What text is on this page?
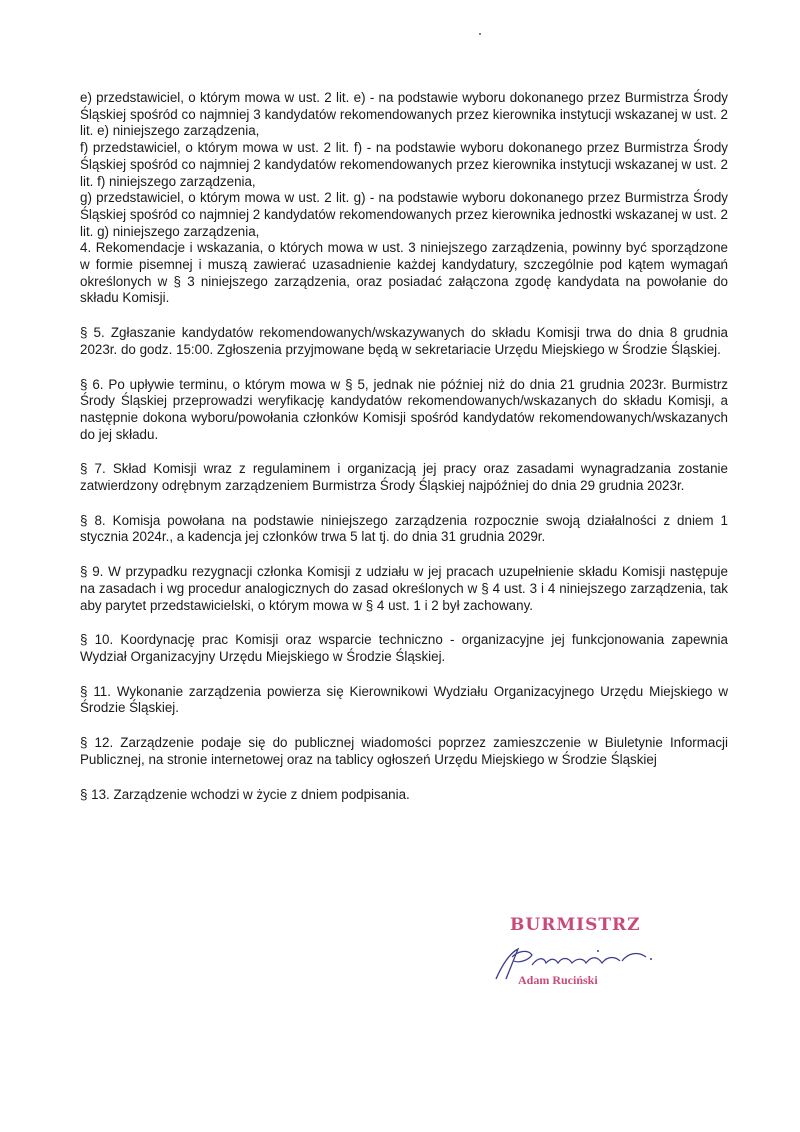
e) przedstawiciel, o którym mowa w ust. 2 lit. e) - na podstawie wyboru dokonanego przez Burmistrza Środy Śląskiej spośród co najmniej 3 kandydatów rekomendowanych przez kierownika instytucji wskazanej w ust. 2 lit. e) niniejszego zarządzenia,

f) przedstawiciel, o którym mowa w ust. 2 lit. f) - na podstawie wyboru dokonanego przez Burmistrza Środy Śląskiej spośród co najmniej 2 kandydatów rekomendowanych przez kierownika instytucji wskazanej w ust. 2 lit. f) niniejszego zarządzenia,

g) przedstawiciel, o którym mowa w ust. 2 lit. g) - na podstawie wyboru dokonanego przez Burmistrza Środy Śląskiej spośród co najmniej 2 kandydatów rekomendowanych przez kierownika jednostki wskazanej w ust. 2 lit. g) niniejszego zarządzenia,

4. Rekomendacje i wskazania, o których mowa w ust. 3 niniejszego zarządzenia, powinny być sporządzone w formie pisemnej i muszą zawierać uzasadnienie każdej kandydatury, szczególnie pod kątem wymagań określonych w § 3 niniejszego zarządzenia, oraz posiadać załączona zgodę kandydata na powołanie do składu Komisji.

§ 5. Zgłaszanie kandydatów rekomendowanych/wskazywanych do składu Komisji trwa do dnia 8 grudnia 2023r. do godz. 15:00. Zgłoszenia przyjmowane będą w sekretariacie Urzędu Miejskiego w Środzie Śląskiej.

§ 6. Po upływie terminu, o którym mowa w § 5, jednak nie później niż do dnia 21 grudnia 2023r. Burmistrz Środy Śląskiej przeprowadzi weryfikację kandydatów rekomendowanych/wskazanych do składu Komisji, a następnie dokona wyboru/powołania członków Komisji spośród kandydatów rekomendowanych/wskazanych do jej składu.

§ 7. Skład Komisji wraz z regulaminem i organizacją jej pracy oraz zasadami wynagradzania zostanie zatwierdzony odrębnym zarządzeniem Burmistrza Środy Śląskiej najpóźniej do dnia 29 grudnia 2023r.

§ 8. Komisja powołana na podstawie niniejszego zarządzenia rozpocznie swoją działalności z dniem 1 stycznia 2024r., a kadencja jej członków trwa 5 lat tj. do dnia 31 grudnia 2029r.

§ 9. W przypadku rezygnacji członka Komisji z udziału w jej pracach uzupełnienie składu Komisji następuje na zasadach i wg procedur analogicznych do zasad określonych w § 4 ust. 3 i 4 niniejszego zarządzenia, tak aby parytet przedstawicielski, o którym mowa w § 4 ust. 1 i 2 był zachowany.

§ 10. Koordynację prac Komisji oraz wsparcie techniczno - organizacyjne jej funkcjonowania zapewnia Wydział Organizacyjny Urzędu Miejskiego w Środzie Śląskiej.

§ 11. Wykonanie zarządzenia powierza się Kierownikowi Wydziału Organizacyjnego Urzędu Miejskiego w Środzie Śląskiej.

§ 12. Zarządzenie podaje się do publicznej wiadomości poprzez zamieszczenie w Biuletynie Informacji Publicznej, na stronie internetowej oraz na tablicy ogłoszeń Urzędu Miejskiego w Środzie Śląskiej

§ 13. Zarządzenie wchodzi w życie z dniem podpisania.

BURMISTRZ
Adam Ruciński
